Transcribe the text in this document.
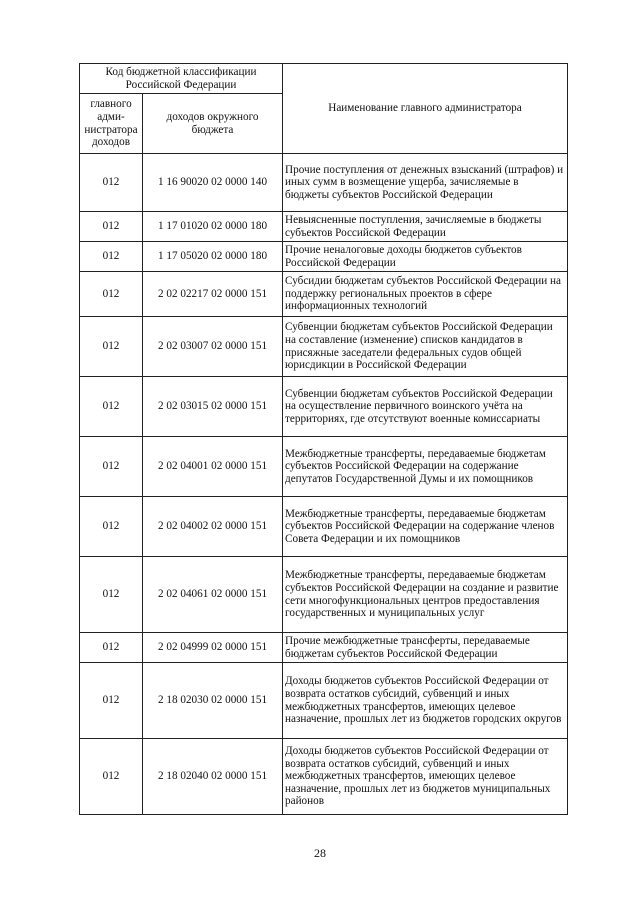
Код бюджетной классификации Российской Федерации		Наименование главного администратора
главного адми-нистратора доходов	доходов окружного бюджета	
012	1 16 90020 02 0000 140	Прочие поступления от денежных взысканий (штрафов) и иных сумм в возмещение ущерба, зачисляемые в бюджеты субъектов Российской Федерации
012	1 17 01020 02 0000 180	Невыясненные поступления, зачисляемые в бюджеты субъектов Российской Федерации
012	1 17 05020 02 0000 180	Прочие неналоговые доходы бюджетов субъектов Российской Федерации
012	2 02 02217 02 0000 151	Субсидии бюджетам субъектов Российской Федерации на поддержку региональных проектов в сфере информационных технологий
012	2 02 03007 02 0000 151	Субвенции бюджетам субъектов Российской Федерации на составление (изменение) списков кандидатов в присяжные заседатели федеральных судов общей юрисдикции в Российской Федерации
012	2 02 03015 02 0000 151	Субвенции бюджетам субъектов Российской Федерации на осуществление первичного воинского учёта на территориях, где отсутствуют военные комиссариаты
012	2 02 04001 02 0000 151	Межбюджетные трансферты, передаваемые бюджетам субъектов Российской Федерации на содержание депутатов Государственной Думы и их помощников
012	2 02 04002 02 0000 151	Межбюджетные трансферты, передаваемые бюджетам субъектов Российской Федерации на содержание членов Совета Федерации и их помощников
012	2 02 04061 02 0000 151	Межбюджетные трансферты, передаваемые бюджетам субъектов Российской Федерации на создание и развитие сети многофункциональных центров предоставления государственных и муниципальных услуг
012	2 02 04999 02 0000 151	Прочие межбюджетные трансферты, передаваемые бюджетам субъектов Российской Федерации
012	2 18 02030 02 0000 151	Доходы бюджетов субъектов Российской Федерации от возврата остатков субсидий, субвенций и иных межбюджетных трансфертов, имеющих целевое назначение, прошлых лет из бюджетов городских округов
012	2 18 02040 02 0000 151	Доходы бюджетов субъектов Российской Федерации от возврата остатков субсидий, субвенций и иных межбюджетных трансфертов, имеющих целевое назначение, прошлых лет из бюджетов муниципальных районов
28
